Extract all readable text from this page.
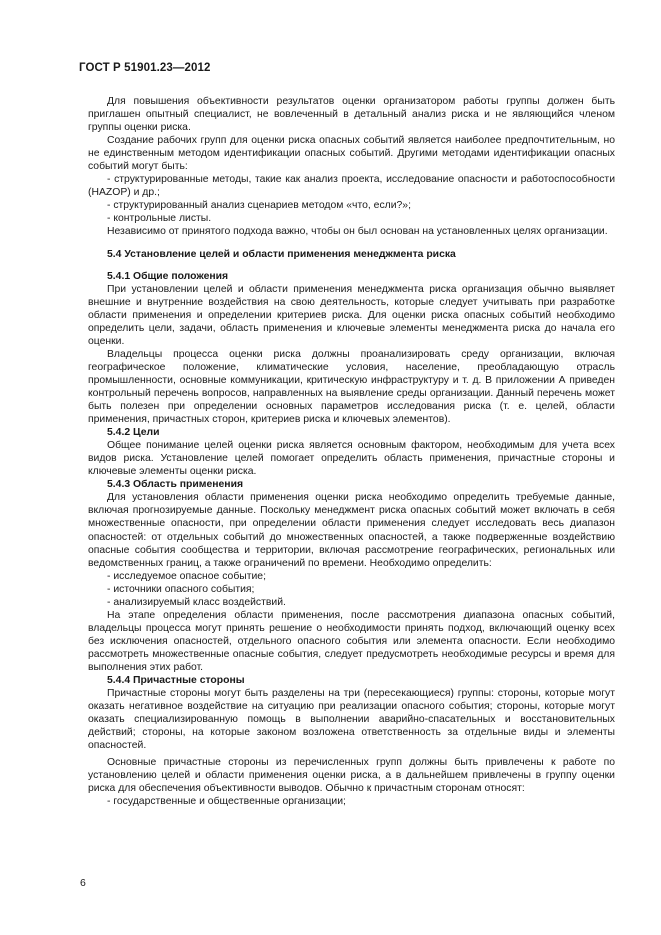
ГОСТ Р 51901.23—2012

Для повышения объективности результатов оценки организатором работы группы должен быть приглашен опытный специалист, не вовлеченный в детальный анализ риска и не являющийся членом группы оценки риска.

Создание рабочих групп для оценки риска опасных событий является наиболее предпочтительным, но не единственным методом идентификации опасных событий. Другими методами идентификации опасных событий могут быть:

- структурированные методы, такие как анализ проекта, исследование опасности и работоспособности (HAZOP) и др.;

- структурированный анализ сценариев методом «что, если?»;

- контрольные листы.

Независимо от принятого подхода важно, чтобы он был основан на установленных целях организации.

5.4 Установление целей и области применения менеджмента риска

5.4.1 Общие положения

При установлении целей и области применения менеджмента риска организация обычно выявляет внешние и внутренние воздействия на свою деятельность, которые следует учитывать при разработке области применения и определении критериев риска. Для оценки риска опасных событий необходимо определить цели, задачи, область применения и ключевые элементы менеджмента риска до начала его оценки.

Владельцы процесса оценки риска должны проанализировать среду организации, включая географическое положение, климатические условия, население, преобладающую отрасль промышленности, основные коммуникации, критическую инфраструктуру и т. д. В приложении А приведен контрольный перечень вопросов, направленных на выявление среды организации. Данный перечень может быть полезен при определении основных параметров исследования риска (т. е. целей, области применения, причастных сторон, критериев риска и ключевых элементов).

5.4.2 Цели

Общее понимание целей оценки риска является основным фактором, необходимым для учета всех видов риска. Установление целей помогает определить область применения, причастные стороны и ключевые элементы оценки риска.

5.4.3 Область применения

Для установления области применения оценки риска необходимо определить требуемые данные, включая прогнозируемые данные. Поскольку менеджмент риска опасных событий может включать в себя множественные опасности, при определении области применения следует исследовать весь диапазон опасностей: от отдельных событий до множественных опасностей, а также подверженные воздействию опасные события сообщества и территории, включая рассмотрение географических, региональных или ведомственных границ, а также ограничений по времени. Необходимо определить:

- исследуемое опасное событие;

- источники опасного события;

- анализируемый класс воздействий.

На этапе определения области применения, после рассмотрения диапазона опасных событий, владельцы процесса могут принять решение о необходимости принять подход, включающий оценку всех без исключения опасностей, отдельного опасного события или элемента опасности. Если необходимо рассмотреть множественные опасные события, следует предусмотреть необходимые ресурсы и время для выполнения этих работ.

5.4.4 Причастные стороны

Причастные стороны могут быть разделены на три (пересекающиеся) группы: стороны, которые могут оказать негативное воздействие на ситуацию при реализации опасного события; стороны, которые могут оказать специализированную помощь в выполнении аварийно-спасательных и восстановительных действий; стороны, на которые законом возложена ответственность за отдельные виды и элементы опасностей.

Основные причастные стороны из перечисленных групп должны быть привлечены к работе по установлению целей и области применения оценки риска, а в дальнейшем привлечены в группу оценки риска для обеспечения объективности выводов. Обычно к причастным сторонам относят:

- государственные и общественные организации;

6
